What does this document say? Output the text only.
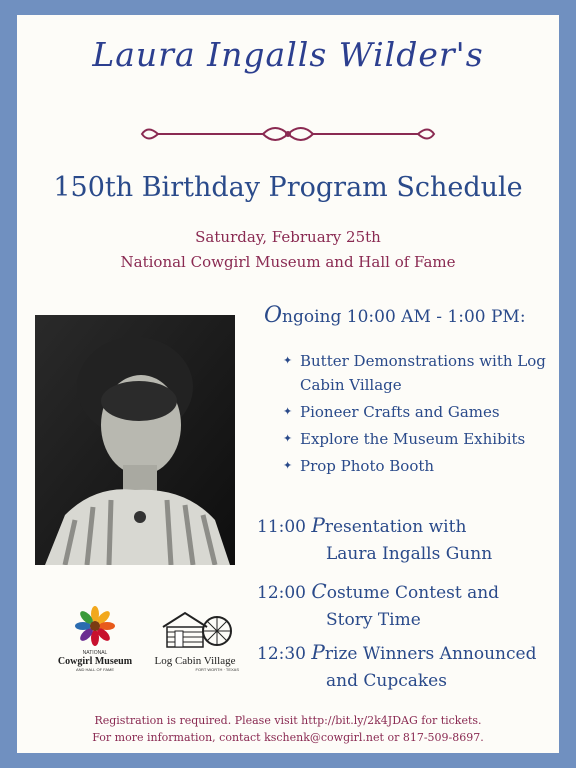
Laura Ingalls Wilder's
150th Birthday Program Schedule
Saturday, February 25th
National Cowgirl Museum and Hall of Fame
Ongoing 10:00 AM - 1:00 PM:
✦ Butter Demonstrations with Log Cabin Village
✦ Pioneer Crafts and Games
✦ Explore the Museum Exhibits
✦ Prop Photo Booth
11:00 Presentation with
Laura Ingalls Gunn
12:00 Costume Contest and
Story Time
12:30 Prize Winners Announced
and Cupcakes
NATIONAL
Cowgirl Museum
AND HALL OF FAME
Log Cabin Village
FORT WORTH · TEXAS
Registration is required. Please visit http://bit.ly/2k4JDAG for tickets.
For more information, contact kschenk@cowgirl.net or 817-509-8697.
